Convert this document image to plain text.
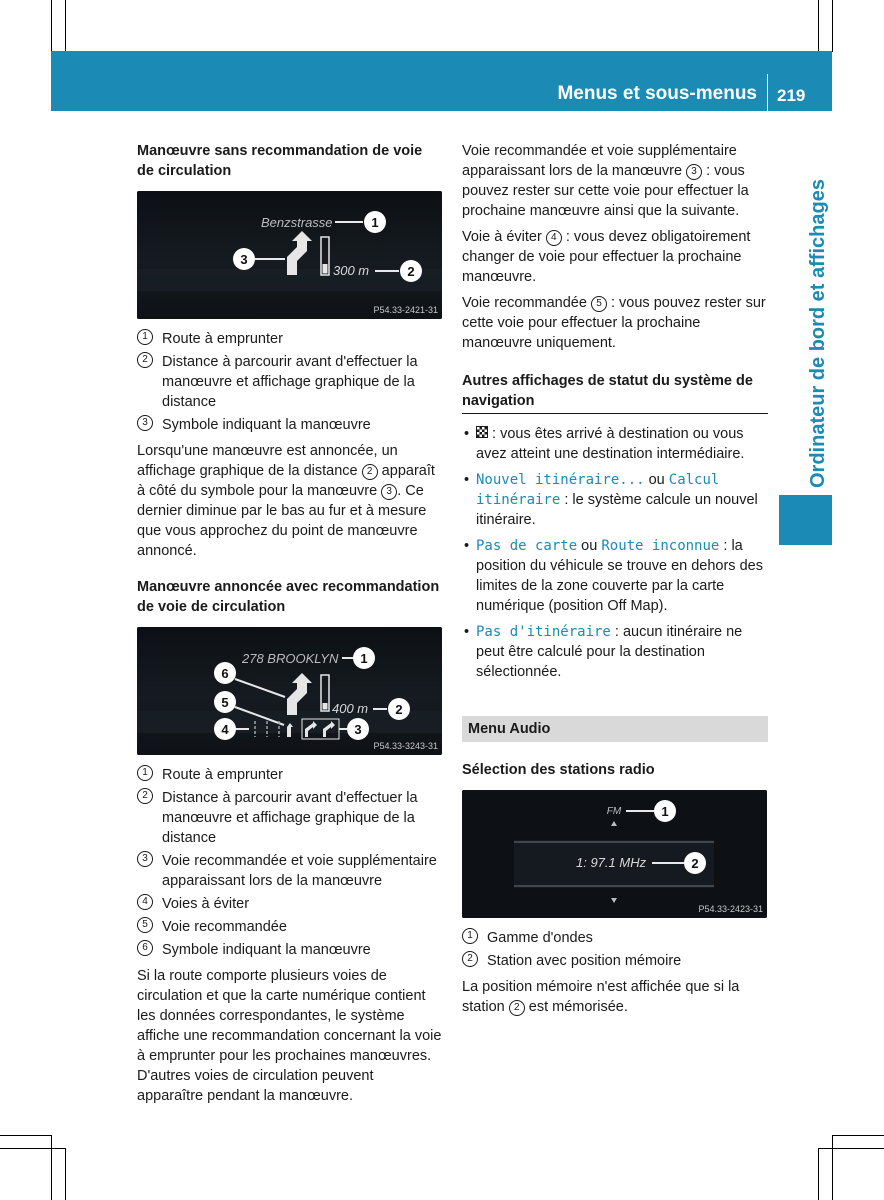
Menus et sous-menus 219
Ordinateur de bord et affichages
Manœuvre sans recommandation de voie de circulation
Benzstrasse	1
3
300 m	2
P54.33-2421-31
1 Route à emprunter
2 Distance à parcourir avant d'effectuer la manœuvre et affichage graphique de la distance
3 Symbole indiquant la manœuvre

Lorsqu'une manœuvre est annoncée, un affichage graphique de la distance 2 apparaît à côté du symbole pour la manœuvre 3 . Ce dernier diminue par le bas au fur et à mesure que vous approchez du point de manœuvre annoncé.

Manœuvre annoncée avec recommandation de voie de circulation
278 BROOKLYN 1
400 m 2
6
5
4	3
P54.33-3243-31
1 Route à emprunter
2 Distance à parcourir avant d'effectuer la manœuvre et affichage graphique de la distance
3 Voie recommandée et voie supplémentaire apparaissant lors de la manœuvre
4 Voies à éviter
5 Voie recommandée
6 Symbole indiquant la manœuvre

Si la route comporte plusieurs voies de circulation et que la carte numérique contient les données correspondantes, le système affiche une recommandation concernant la voie à emprunter pour les prochaines manœuvres. D'autres voies de circulation peuvent apparaître pendant la manœuvre.

Voie recommandée et voie supplémentaire apparaissant lors de la manœuvre 3 : vous pouvez rester sur cette voie pour effectuer la prochaine manœuvre ainsi que la suivante.

Voie à éviter 4 : vous devez obligatoirement changer de voie pour effectuer la prochaine manœuvre.

Voie recommandée 5 : vous pouvez rester sur cette voie pour effectuer la prochaine manœuvre uniquement.

Autres affichages de statut du système de navigation
• : vous êtes arrivé à destination ou vous avez atteint une destination intermédiaire.
• Nouvel itinéraire... ou Calcul itinéraire : le système calcule un nouvel itinéraire.
• Pas de carte ou Route inconnue : la position du véhicule se trouve en dehors des limites de la zone couverte par la carte numérique (position Off Map).
• Pas d'itinéraire : aucun itinéraire ne peut être calculé pour la destination sélectionnée.
Menu Audio
Sélection des stations radio
FM	1
1: 97.1 MHz	2
P54.33-2423-31
1 Gamme d'ondes
2 Station avec position mémoire

La position mémoire n'est affichée que si la station 2 est mémorisée.
